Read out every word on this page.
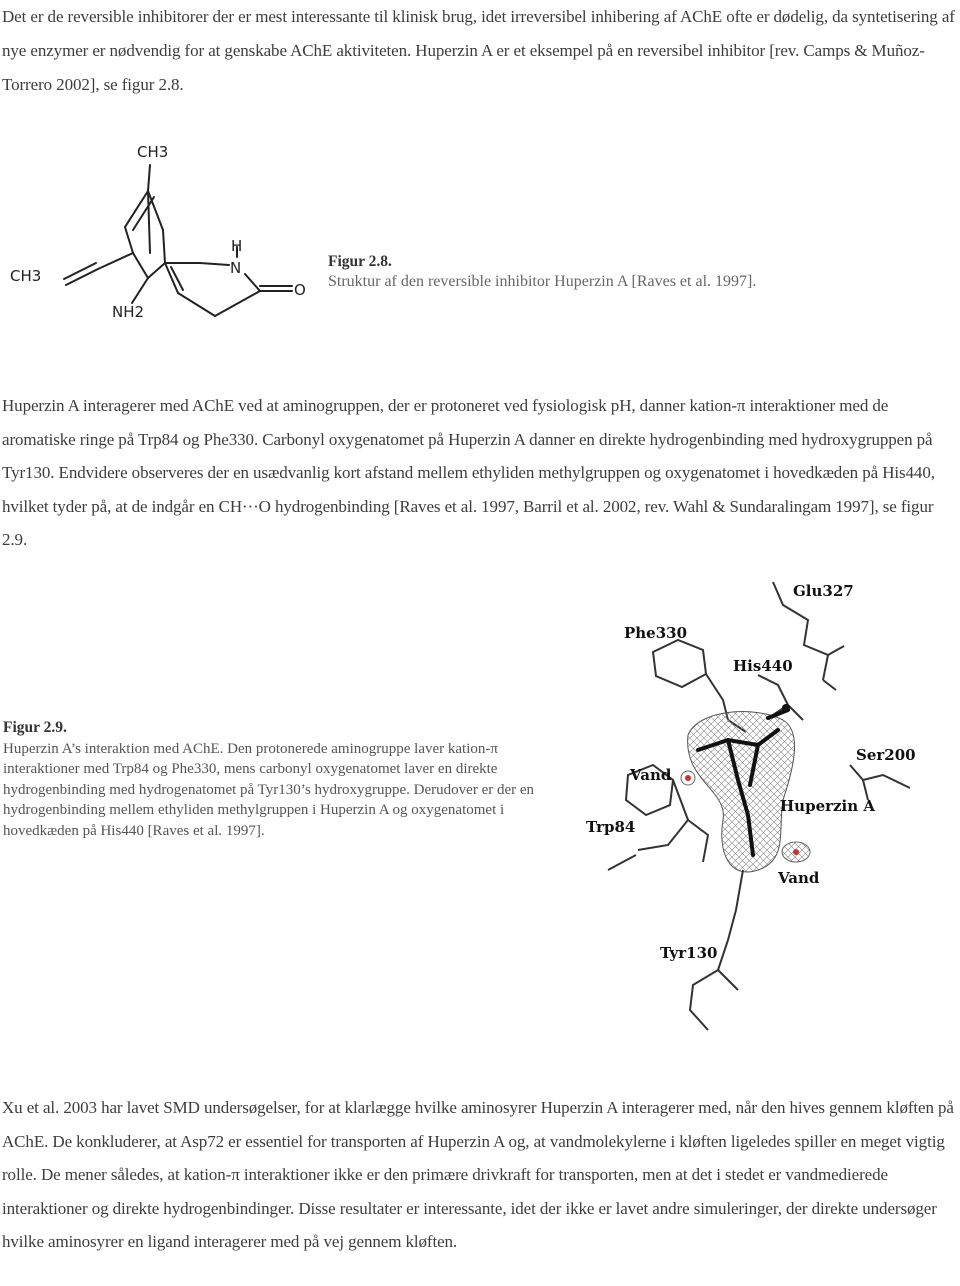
Det er de reversible inhibitorer der er mest interessante til klinisk brug, idet irreversibel inhibering af AChE ofte er dødelig, da syntetisering af nye enzymer er nødvendig for at genskabe AChE aktiviteten. Huperzin A er et eksempel på en reversibel inhibitor [rev. Camps & Muñoz-Torrero 2002], se figur 2.8.

CH3
CH3
H
N
O
NH2

Figur 2.8.

Struktur af den reversible inhibitor Huperzin A [Raves et al. 1997].

Huperzin A interagerer med AChE ved at aminogruppen, der er protoneret ved fysiologisk pH, danner kation-π interaktioner med de aromatiske ringe på Trp84 og Phe330. Carbonyl oxygenatomet på Huperzin A danner en direkte hydrogenbinding med hydroxygruppen på Tyr130. Endvidere observeres der en usædvanlig kort afstand mellem ethyliden methylgruppen og oxygenatomet i hovedkæden på His440, hvilket tyder på, at de indgår en CH···O hydrogenbinding [Raves et al. 1997, Barril et al. 2002, rev. Wahl & Sundaralingam 1997], se figur 2.9.

Figur 2.9.

Huperzin A’s interaktion med AChE. Den protonerede aminogruppe laver kation-π interaktioner med Trp84 og Phe330, mens carbonyl oxygenatomet laver en direkte hydrogenbinding med hydrogenatomet på Tyr130’s hydroxygruppe. Derudover er der en hydrogenbinding mellem ethyliden methylgruppen i Huperzin A og oxygenatomet i hovedkæden på His440 [Raves et al. 1997].

Glu327
Phe330
His440
Vand
Ser200
Huperzin A
Trp84
Vand
Tyr130

Xu et al. 2003 har lavet SMD undersøgelser, for at klarlægge hvilke aminosyrer Huperzin A interagerer med, når den hives gennem kløften på AChE. De konkluderer, at Asp72 er essentiel for transporten af Huperzin A og, at vandmolekylerne i kløften ligeledes spiller en meget vigtig rolle. De mener således, at kation-π interaktioner ikke er den primære drivkraft for transporten, men at det i stedet er vandmedierede interaktioner og direkte hydrogenbindinger. Disse resultater er interessante, idet der ikke er lavet andre simuleringer, der direkte undersøger hvilke aminosyrer en ligand interagerer med på vej gennem kløften.
